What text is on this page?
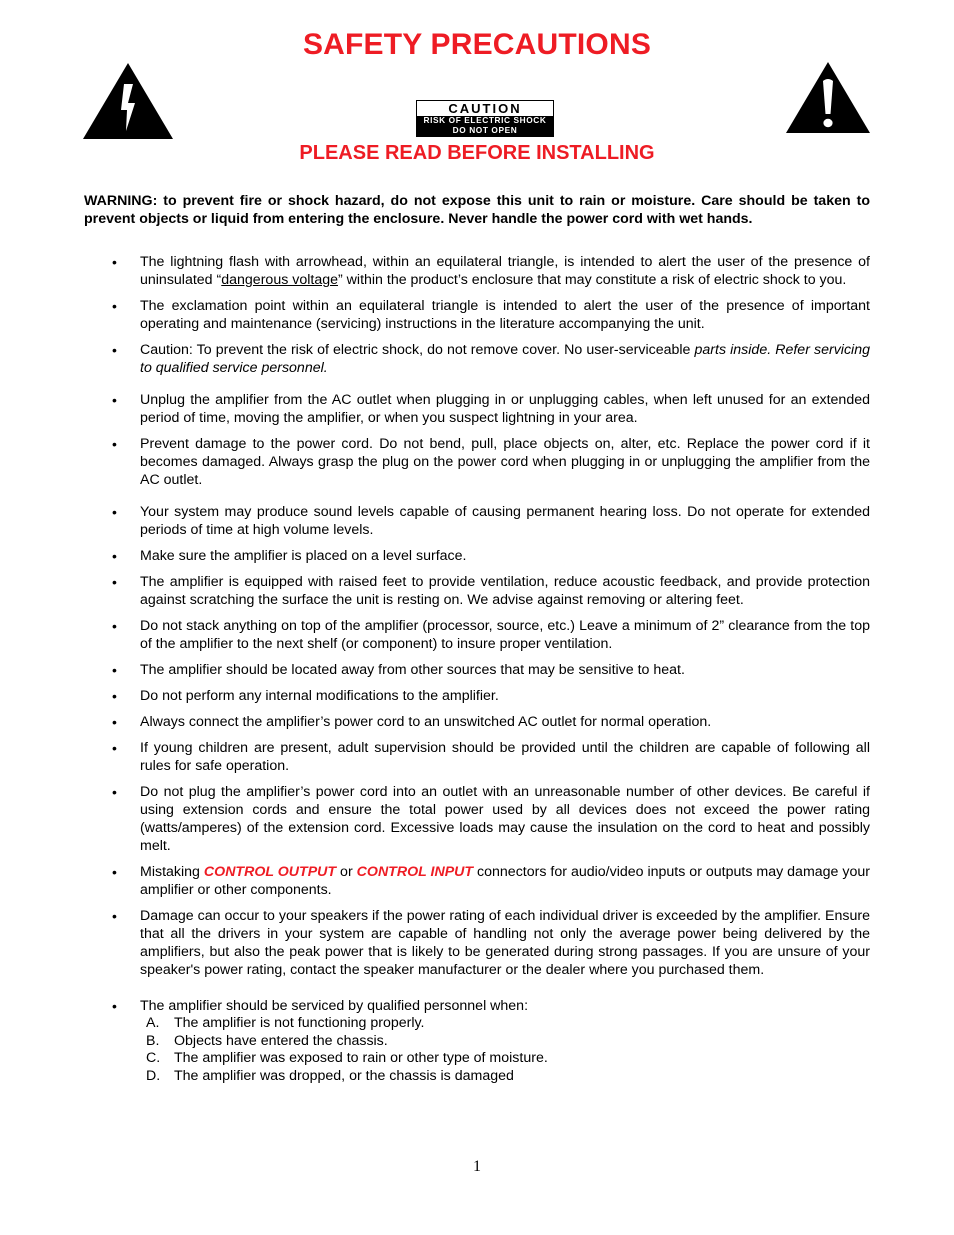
SAFETY PRECAUTIONS
CAUTION
RISK OF ELECTRIC SHOCK
DO NOT OPEN
PLEASE READ BEFORE INSTALLING

WARNING: to prevent fire or shock hazard, do not expose this unit to rain or moisture. Care should be taken to prevent objects or liquid from entering the enclosure. Never handle the power cord with wet hands.

• The lightning flash with arrowhead, within an equilateral triangle, is intended to alert the user of the presence of uninsulated “dangerous voltage” within the product’s enclosure that may constitute a risk of electric shock to you.
• The exclamation point within an equilateral triangle is intended to alert the user of the presence of important operating and maintenance (servicing) instructions in the literature accompanying the unit.
• Caution: To prevent the risk of electric shock, do not remove cover. No user-serviceable parts inside. Refer servicing to qualified service personnel.
• Unplug the amplifier from the AC outlet when plugging in or unplugging cables, when left unused for an extended period of time, moving the amplifier, or when you suspect lightning in your area.
• Prevent damage to the power cord. Do not bend, pull, place objects on, alter, etc. Replace the power cord if it becomes damaged. Always grasp the plug on the power cord when plugging in or unplugging the amplifier from the AC outlet.
• Your system may produce sound levels capable of causing permanent hearing loss. Do not operate for extended periods of time at high volume levels.
• Make sure the amplifier is placed on a level surface.
• The amplifier is equipped with raised feet to provide ventilation, reduce acoustic feedback, and provide protection against scratching the surface the unit is resting on. We advise against removing or altering feet.
• Do not stack anything on top of the amplifier (processor, source, etc.) Leave a minimum of 2” clearance from the top of the amplifier to the next shelf (or component) to insure proper ventilation.
• The amplifier should be located away from other sources that may be sensitive to heat.
• Do not perform any internal modifications to the amplifier.
• Always connect the amplifier’s power cord to an unswitched AC outlet for normal operation.
• If young children are present, adult supervision should be provided until the children are capable of following all rules for safe operation.
• Do not plug the amplifier’s power cord into an outlet with an unreasonable number of other devices. Be careful if using extension cords and ensure the total power used by all devices does not exceed the power rating (watts/amperes) of the extension cord. Excessive loads may cause the insulation on the cord to heat and possibly melt.
• Mistaking CONTROL OUTPUT or CONTROL INPUT connectors for audio/video inputs or outputs may damage your amplifier or other components.
• Damage can occur to your speakers if the power rating of each individual driver is exceeded by the amplifier. Ensure that all the drivers in your system are capable of handling not only the average power being delivered by the amplifiers, but also the peak power that is likely to be generated during strong passages. If you are unsure of your speaker's power rating, contact the speaker manufacturer or the dealer where you purchased them.
• The amplifier should be serviced by qualified personnel when:
A. The amplifier is not functioning properly.
B. Objects have entered the chassis.
C. The amplifier was exposed to rain or other type of moisture.
D. The amplifier was dropped, or the chassis is damaged
1
